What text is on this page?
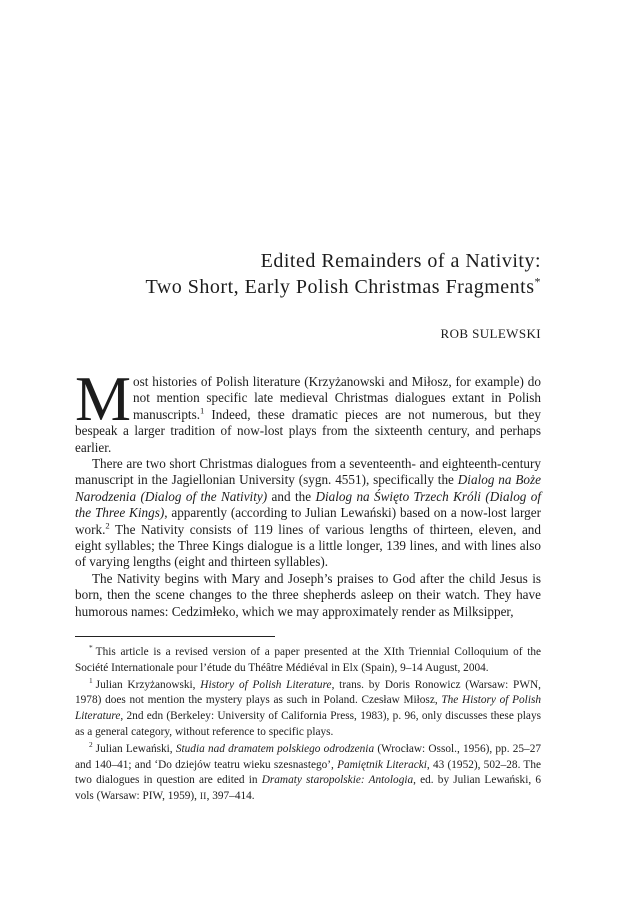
Edited Remainders of a Nativity:
Two Short, Early Polish Christmas Fragments*
ROB SULEWSKI

Most histories of Polish literature (Krzyżanowski and Miłosz, for example) do not mention specific late medieval Christmas dialogues extant in Polish manuscripts.$^1$ Indeed, these dramatic pieces are not numerous, but they bespeak a larger tradition of now-lost plays from the sixteenth century, and perhaps earlier.

There are two short Christmas dialogues from a seventeenth- and eighteenth-century manuscript in the Jagiellonian University (sygn. 4551), specifically the Dialog na Boże Narodzenia (Dialog of the Nativity) and the Dialog na Święto Trzech Króli (Dialog of the Three Kings), apparently (according to Julian Lewański) based on a now-lost larger work.$^2$ The Nativity consists of 119 lines of various lengths of thirteen, eleven, and eight syllables; the Three Kings dialogue is a little longer, 139 lines, and with lines also of varying lengths (eight and thirteen syllables).

The Nativity begins with Mary and Joseph’s praises to God after the child Jesus is born, then the scene changes to the three shepherds asleep on their watch. They have humorous names: Cedzimłeko, which we may approximately render as Milksipper,

* This article is a revised version of a paper presented at the XIth Triennial Colloquium of the Société Internationale pour l’étude du Théâtre Médiéval in Elx (Spain), 9–14 August, 2004.

$^1$ Julian Krzyżanowski, History of Polish Literature, trans. by Doris Ronowicz (Warsaw: PWN, 1978) does not mention the mystery plays as such in Poland. Czesław Miłosz, The History of Polish Literature, 2nd edn (Berkeley: University of California Press, 1983), p. 96, only discusses these plays as a general category, without reference to specific plays.

$^2$ Julian Lewański, Studia nad dramatem polskiego odrodzenia (Wrocław: Ossol., 1956), pp. 25–27 and 140–41; and ‘Do dziejów teatru wieku szesnastego’, Pamiętnik Literacki, 43 (1952), 502–28. The two dialogues in question are edited in Dramaty staropolskie: Antologia, ed. by Julian Lewański, 6 vols (Warsaw: PIW, 1959), II, 397–414.
